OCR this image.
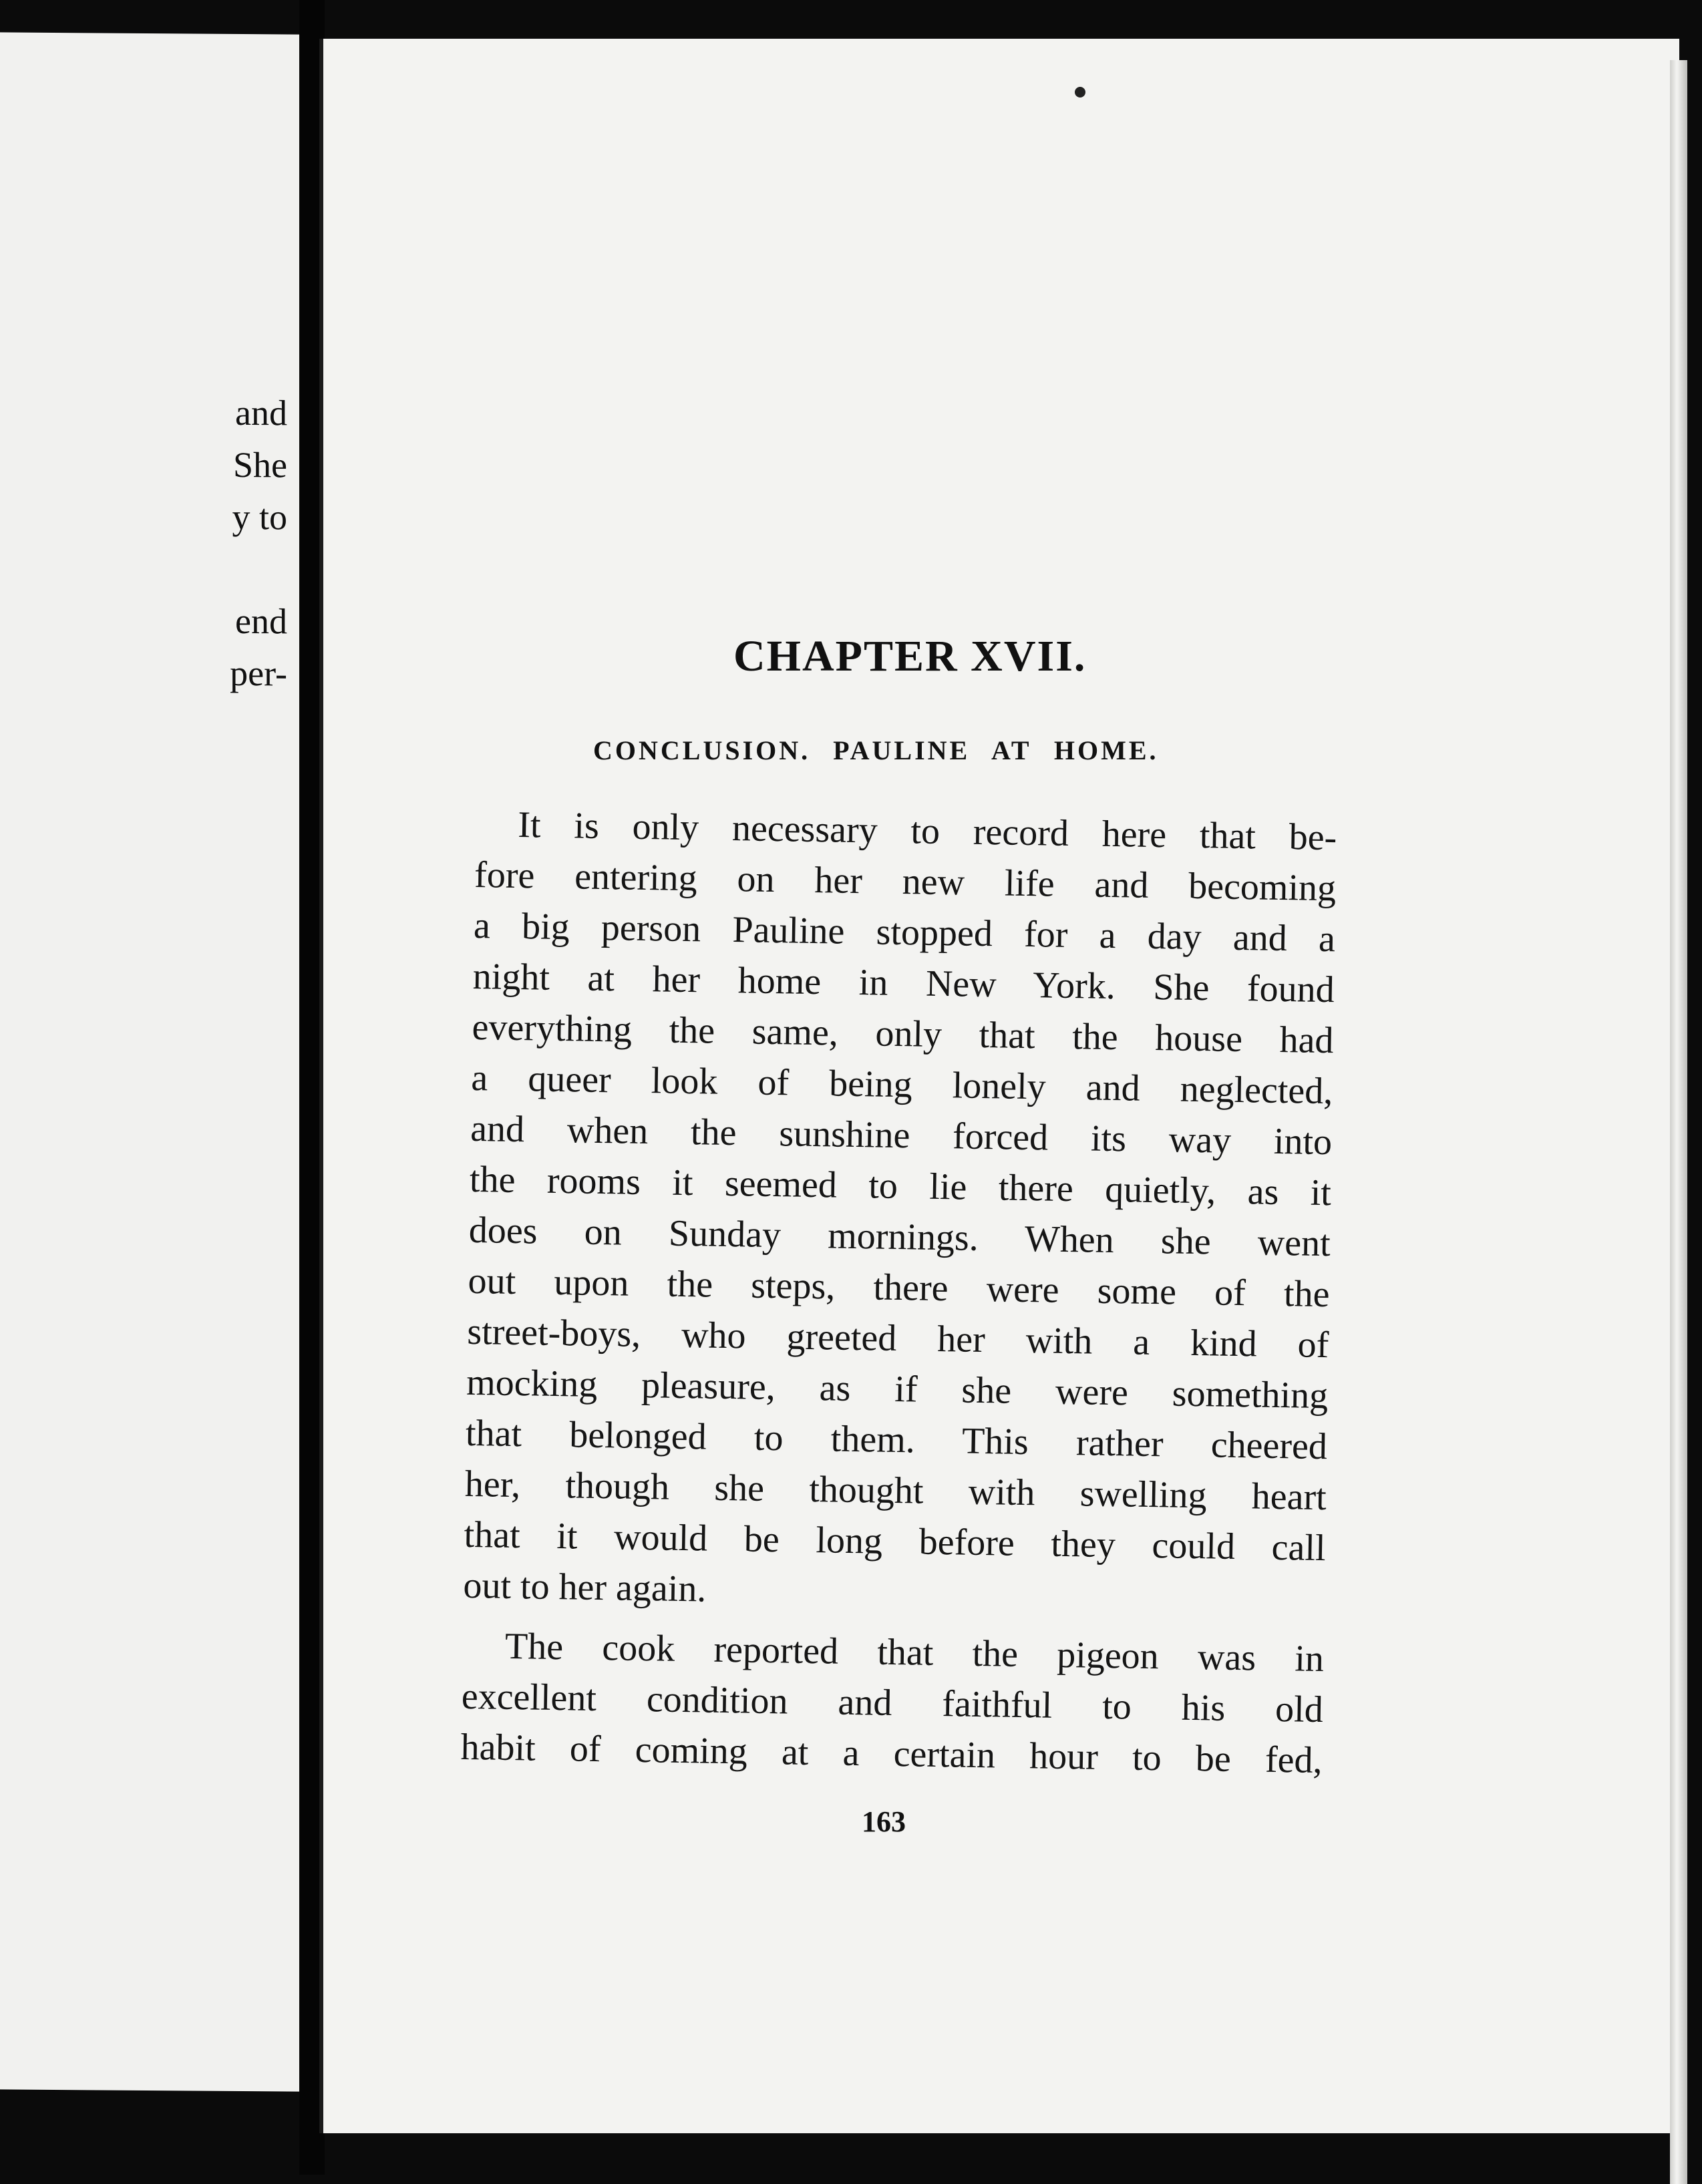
and
She
y to
end
per-	CHAPTER XVII.
CONCLUSION. PAULINE AT HOME.
It is only necessary to record here that be-
fore entering on her new life and becoming
a big person Pauline stopped for a day and a
night at her home in New York. She found
everything the same, only that the house had
a queer look of being lonely and neglected,
and when the sunshine forced its way into
the rooms it seemed to lie there quietly, as it
does on Sunday mornings. When she went
out upon the steps, there were some of the
street-boys, who greeted her with a kind of
mocking pleasure, as if she were something
that belonged to them. This rather cheered
her, though she thought with swelling heart
that it would be long before they could call
out to her again.
The cook reported that the pigeon was in
excellent condition and faithful to his old
habit of coming at a certain hour to be fed,
163
